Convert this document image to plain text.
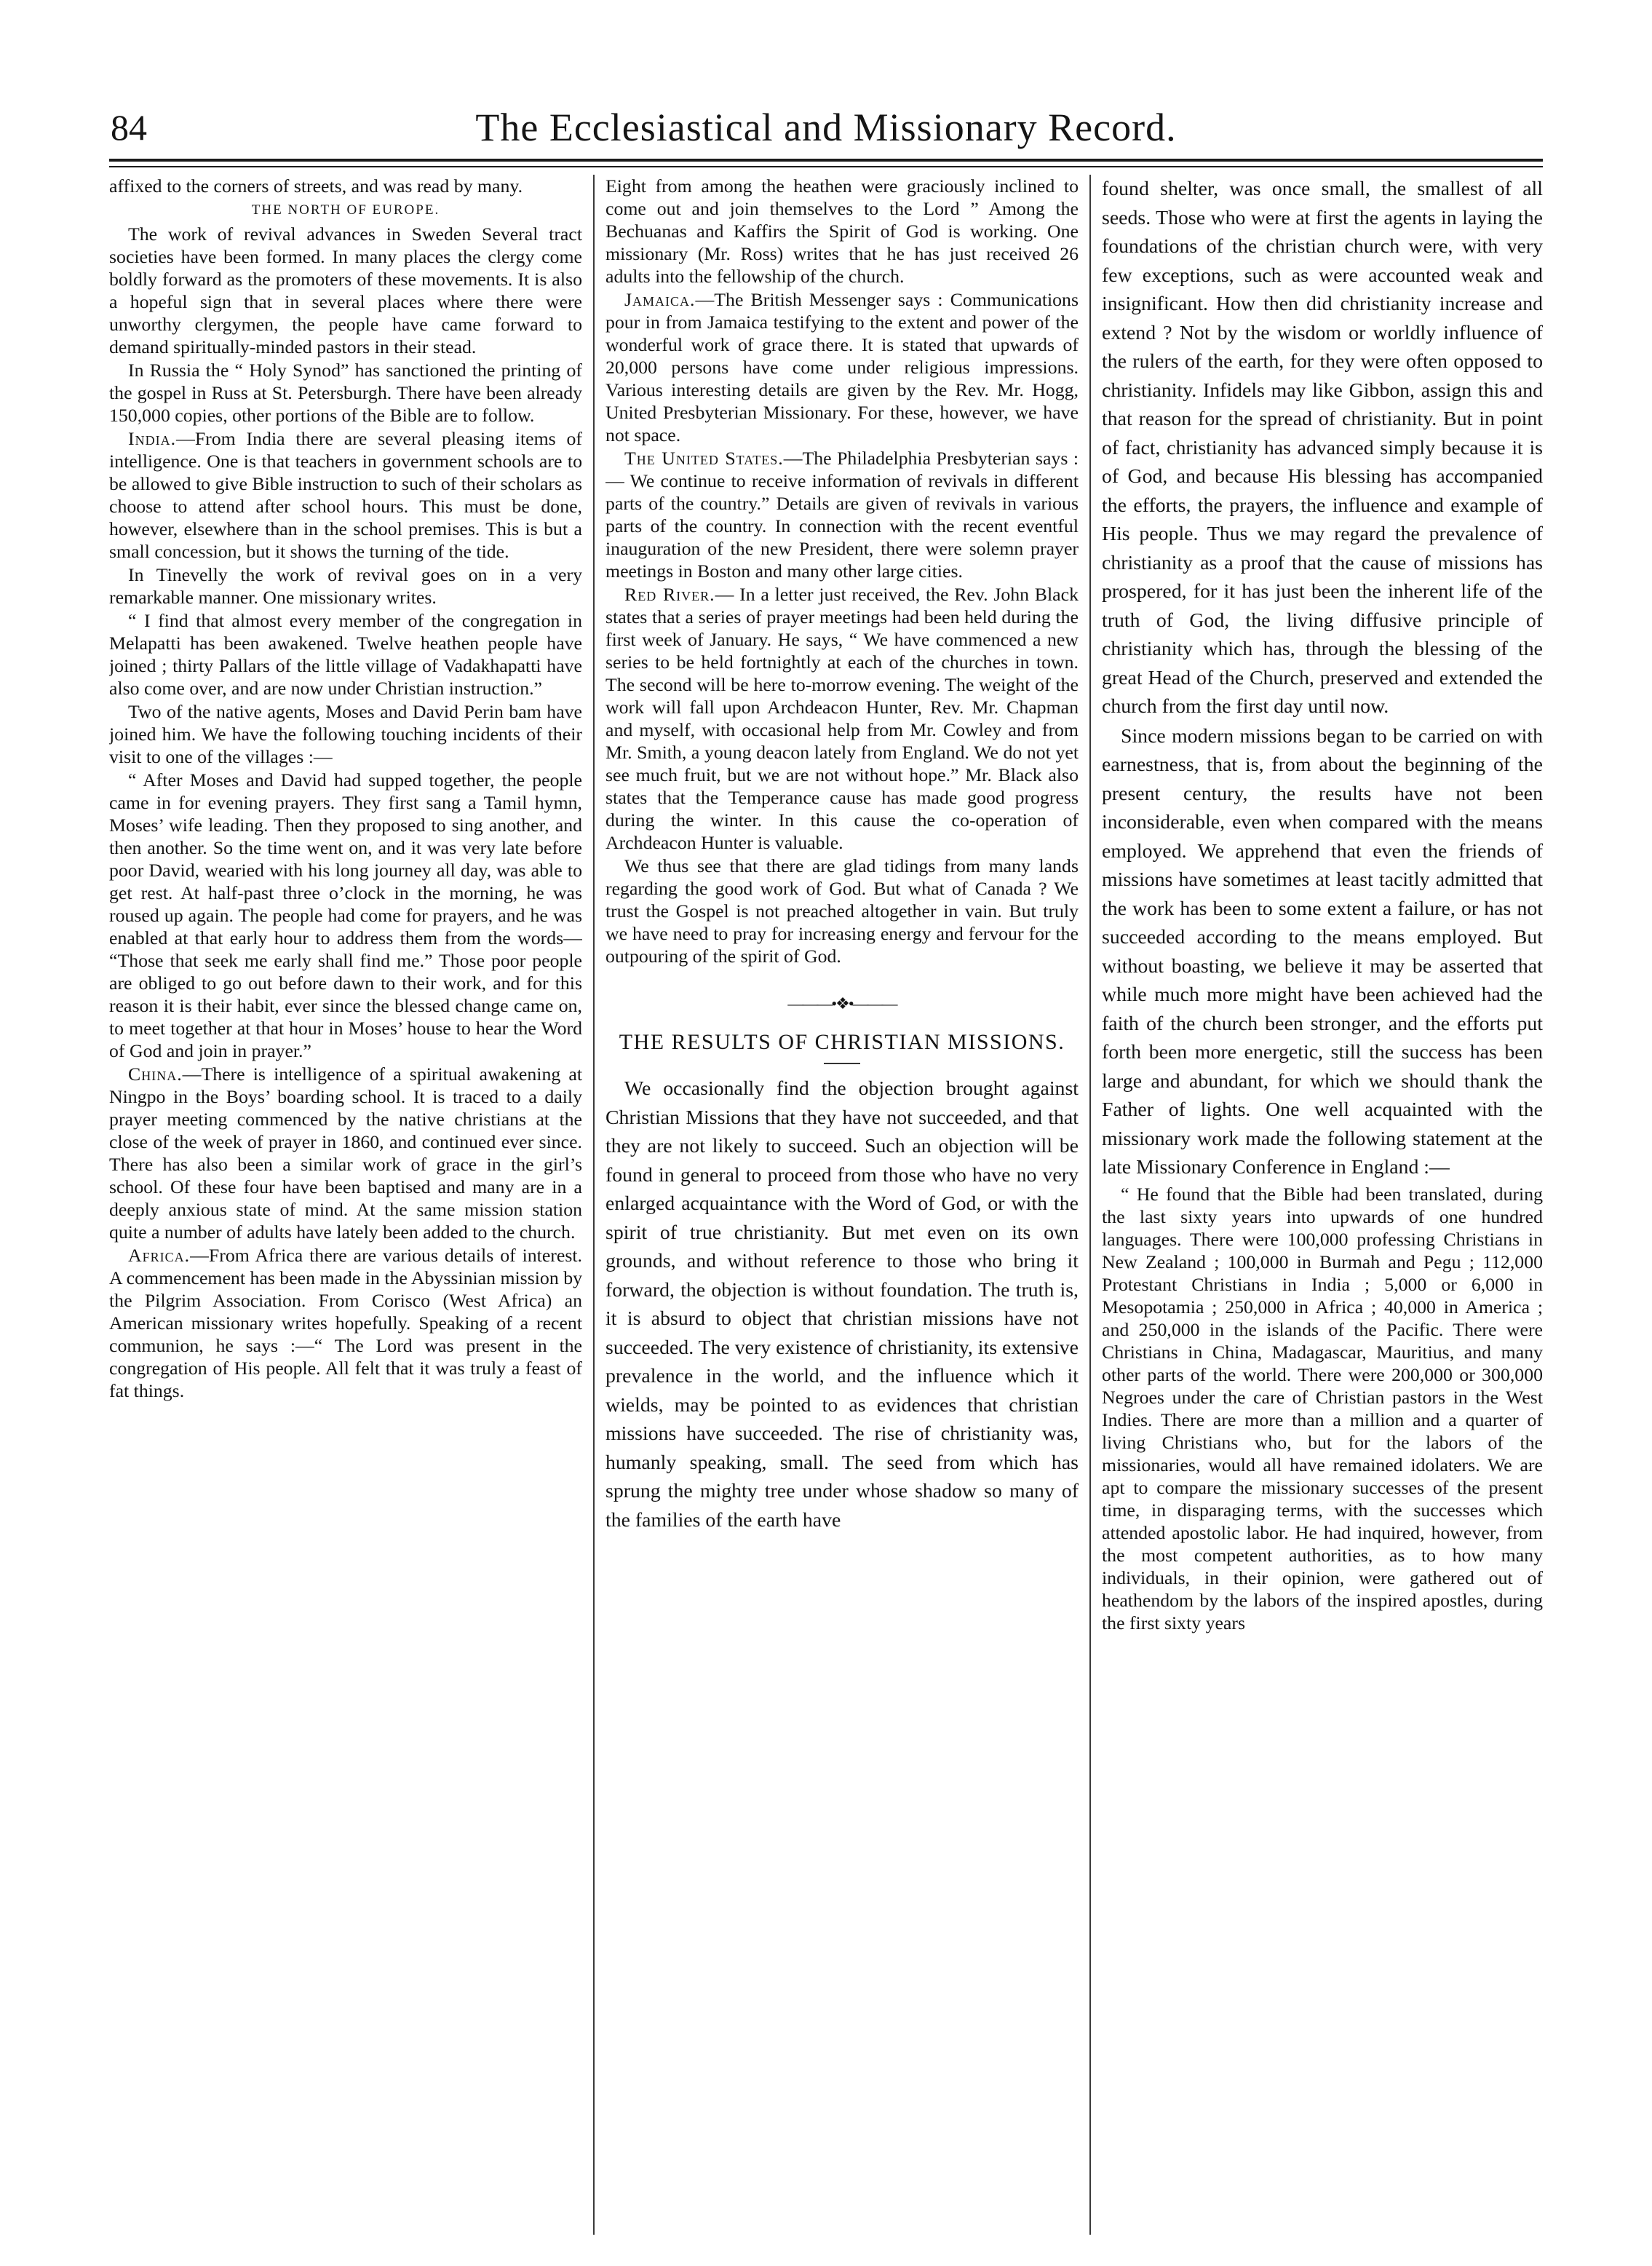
84	The Ecclesiastical and Missionary Record.

affixed to the corners of streets, and was read by many.

THE NORTH OF EUROPE.

The work of revival advances in Sweden Several tract societies have been formed. In many places the clergy come boldly forward as the promoters of these movements. It is also a hopeful sign that in several places where there were unworthy clergymen, the people have came forward to demand spiritually-minded pastors in their stead.

In Russia the “ Holy Synod” has sanctioned the printing of the gospel in Russ at St. Petersburgh. There have been already 150,000 copies, other portions of the Bible are to follow.

India.—From India there are several pleasing items of intelligence. One is that teachers in government schools are to be allowed to give Bible instruction to such of their scholars as choose to attend after school hours. This must be done, however, elsewhere than in the school premises. This is but a small concession, but it shows the turning of the tide.

In Tinevelly the work of revival goes on in a very remarkable manner. One missionary writes.

“ I find that almost every member of the congregation in Melapatti has been awakened. Twelve heathen people have joined ; thirty Pallars of the little village of Vadakhapatti have also come over, and are now under Christian instruction.”

Two of the native agents, Moses and David Perin bam have joined him. We have the following touching incidents of their visit to one of the villages :—

“ After Moses and David had supped together, the people came in for evening prayers. They first sang a Tamil hymn, Moses’ wife leading. Then they proposed to sing another, and then another. So the time went on, and it was very late before poor David, wearied with his long journey all day, was able to get rest. At half-past three o’clock in the morning, he was roused up again. The people had come for prayers, and he was enabled at that early hour to address them from the words— “Those that seek me early shall find me.” Those poor people are obliged to go out before dawn to their work, and for this reason it is their habit, ever since the blessed change came on, to meet together at that hour in Moses’ house to hear the Word of God and join in prayer.”

China.—There is intelligence of a spiritual awakening at Ningpo in the Boys’ boarding school. It is traced to a daily prayer meeting commenced by the native christians at the close of the week of prayer in 1860, and continued ever since. There has also been a similar work of grace in the girl’s school. Of these four have been baptised and many are in a deeply anxious state of mind. At the same mission station quite a number of adults have lately been added to the church.

Africa.—From Africa there are various details of interest. A commencement has been made in the Abyssinian mission by the Pilgrim Association. From Corisco (West Africa) an American missionary writes hopefully. Speaking of a recent communion, he says :—“ The Lord was present in the congregation of His people. All felt that it was truly a feast of fat things.

Eight from among the heathen were graciously inclined to come out and join themselves to the Lord ” Among the Bechuanas and Kaffirs the Spirit of God is working. One missionary (Mr. Ross) writes that he has just received 26 adults into the fellowship of the church.

Jamaica.—The British Messenger says : Communications pour in from Jamaica testifying to the extent and power of the wonderful work of grace there. It is stated that upwards of 20,000 persons have come under religious impressions. Various interesting details are given by the Rev. Mr. Hogg, United Presbyterian Missionary. For these, however, we have not space.

The United States.—The Philadelphia Presbyterian says : — We continue to receive information of revivals in different parts of the country.” Details are given of revivals in various parts of the country. In connection with the recent eventful inauguration of the new President, there were solemn prayer meetings in Boston and many other large cities.

Red River.— In a letter just received, the Rev. John Black states that a series of prayer meetings had been held during the first week of January. He says, “ We have commenced a new series to be held fortnightly at each of the churches in town. The second will be here to-morrow evening. The weight of the work will fall upon Archdeacon Hunter, Rev. Mr. Chapman and myself, with occasional help from Mr. Cowley and from Mr. Smith, a young deacon lately from England. We do not yet see much fruit, but we are not without hope.” Mr. Black also states that the Temperance cause has made good progress during the winter. In this cause the co-operation of Archdeacon Hunter is valuable.

We thus see that there are glad tidings from many lands regarding the good work of God. But what of Canada ? We trust the Gospel is not preached altogether in vain. But truly we have need to pray for increasing energy and fervour for the outpouring of the spirit of God.

———•❖•———
THE RESULTS OF CHRISTIAN MISSIONS.

We occasionally find the objection brought against Christian Missions that they have not succeeded, and that they are not likely to succeed. Such an objection will be found in general to proceed from those who have no very enlarged acquaintance with the Word of God, or with the spirit of true christianity. But met even on its own grounds, and without reference to those who bring it forward, the objection is without foundation. The truth is, it is absurd to object that christian missions have not succeeded. The very existence of christianity, its extensive prevalence in the world, and the influence which it wields, may be pointed to as evidences that christian missions have succeeded. The rise of christianity was, humanly speaking, small. The seed from which has sprung the mighty tree under whose shadow so many of the families of the earth have

found shelter, was once small, the smallest of all seeds. Those who were at first the agents in laying the foundations of the christian church were, with very few exceptions, such as were accounted weak and insignificant. How then did christianity increase and extend ? Not by the wisdom or worldly influence of the rulers of the earth, for they were often opposed to christianity. Infidels may like Gibbon, assign this and that reason for the spread of christianity. But in point of fact, christianity has advanced simply because it is of God, and because His blessing has accompanied the efforts, the prayers, the influence and example of His people. Thus we may regard the prevalence of christianity as a proof that the cause of missions has prospered, for it has just been the inherent life of the truth of God, the living diffusive principle of christianity which has, through the blessing of the great Head of the Church, preserved and extended the church from the first day until now.

Since modern missions began to be carried on with earnestness, that is, from about the beginning of the present century, the results have not been inconsiderable, even when compared with the means employed. We apprehend that even the friends of missions have sometimes at least tacitly admitted that the work has been to some extent a failure, or has not succeeded according to the means employed. But without boasting, we believe it may be asserted that while much more might have been achieved had the faith of the church been stronger, and the efforts put forth been more energetic, still the success has been large and abundant, for which we should thank the Father of lights. One well acquainted with the missionary work made the following statement at the late Missionary Conference in England :—

“ He found that the Bible had been translated, during the last sixty years into upwards of one hundred languages. There were 100,000 professing Christians in New Zealand ; 100,000 in Burmah and Pegu ; 112,000 Protestant Christians in India ; 5,000 or 6,000 in Mesopotamia ; 250,000 in Africa ; 40,000 in America ; and 250,000 in the islands of the Pacific. There were Christians in China, Madagascar, Mauritius, and many other parts of the world. There were 200,000 or 300,000 Negroes under the care of Christian pastors in the West Indies. There are more than a million and a quarter of living Christians who, but for the labors of the missionaries, would all have remained idolaters. We are apt to compare the missionary successes of the present time, in disparaging terms, with the successes which attended apostolic labor. He had inquired, however, from the most competent authorities, as to how many individuals, in their opinion, were gathered out of heathendom by the labors of the inspired apostles, during the first sixty years
